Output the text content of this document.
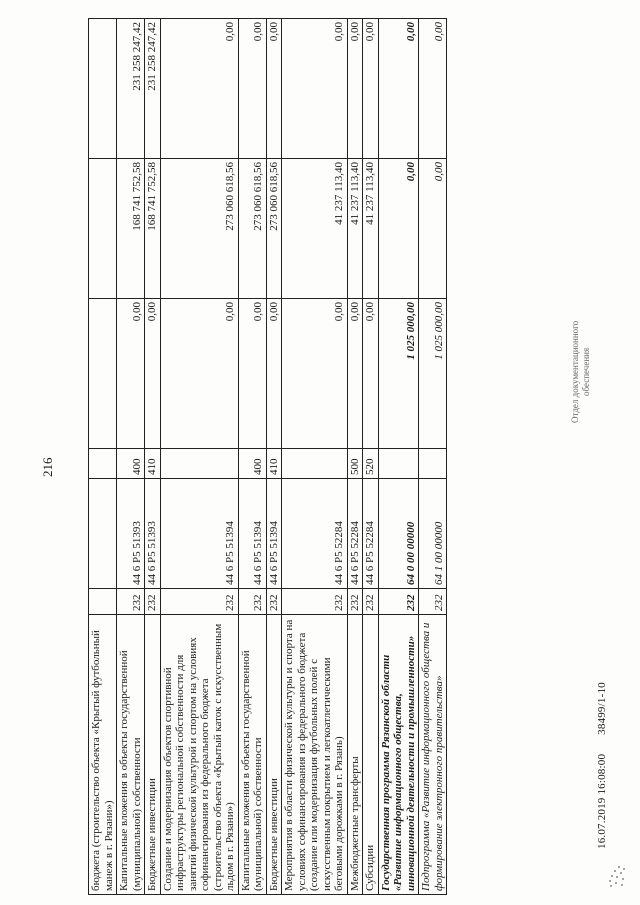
216
бюджета (строительство объекта «Крытый футбольный манеж в г. Рязани»)						
Капитальные вложения в объекты государственной (муниципальной) собственности	232	44 6 P5 51393	400	0,00	168 741 752,58	231 258 247,42
Бюджетные инвестиции	232	44 6 P5 51393	410	0,00	168 741 752,58	231 258 247,42
Создание и модернизация объектов спортивной инфраструктуры региональной собственности для занятий физической культурой и спортом на условиях софинансирования из федерального бюджета (строительство объекта «Крытый каток с искусственным льдом в г. Рязани»)	232	44 6 P5 51394		0,00	273 060 618,56	0,00
Капитальные вложения в объекты государственной (муниципальной) собственности	232	44 6 P5 51394	400	0,00	273 060 618,56	0,00
Бюджетные инвестиции	232	44 6 P5 51394	410	0,00	273 060 618,56	0,00
Мероприятия в области физической культуры и спорта на условиях софинансирования из федерального бюджета (создание или модернизация футбольных полей с искусственным покрытием и легкоатлетическими беговыми дорожками в г. Рязань)	232	44 6 P5 52284		0,00	41 237 113,40	0,00
Межбюджетные трансферты	232	44 6 P5 52284	500	0,00	41 237 113,40	0,00
Субсидии	232	44 6 P5 52284	520	0,00	41 237 113,40	0,00
Государственная программа Рязанской области «Развитие информационного общества, инновационной деятельности и промышленности»	232	64 0 00 00000		1 025 000,00	0,00	0,00
Подпрограмма «Развитие информационного общества и формирование электронного правительства»	232	64 1 00 00000		1 025 000,00	0,00	0,00
16.07.2019 16:08:00 38499/1-10
Отдел документационного обеспечения
